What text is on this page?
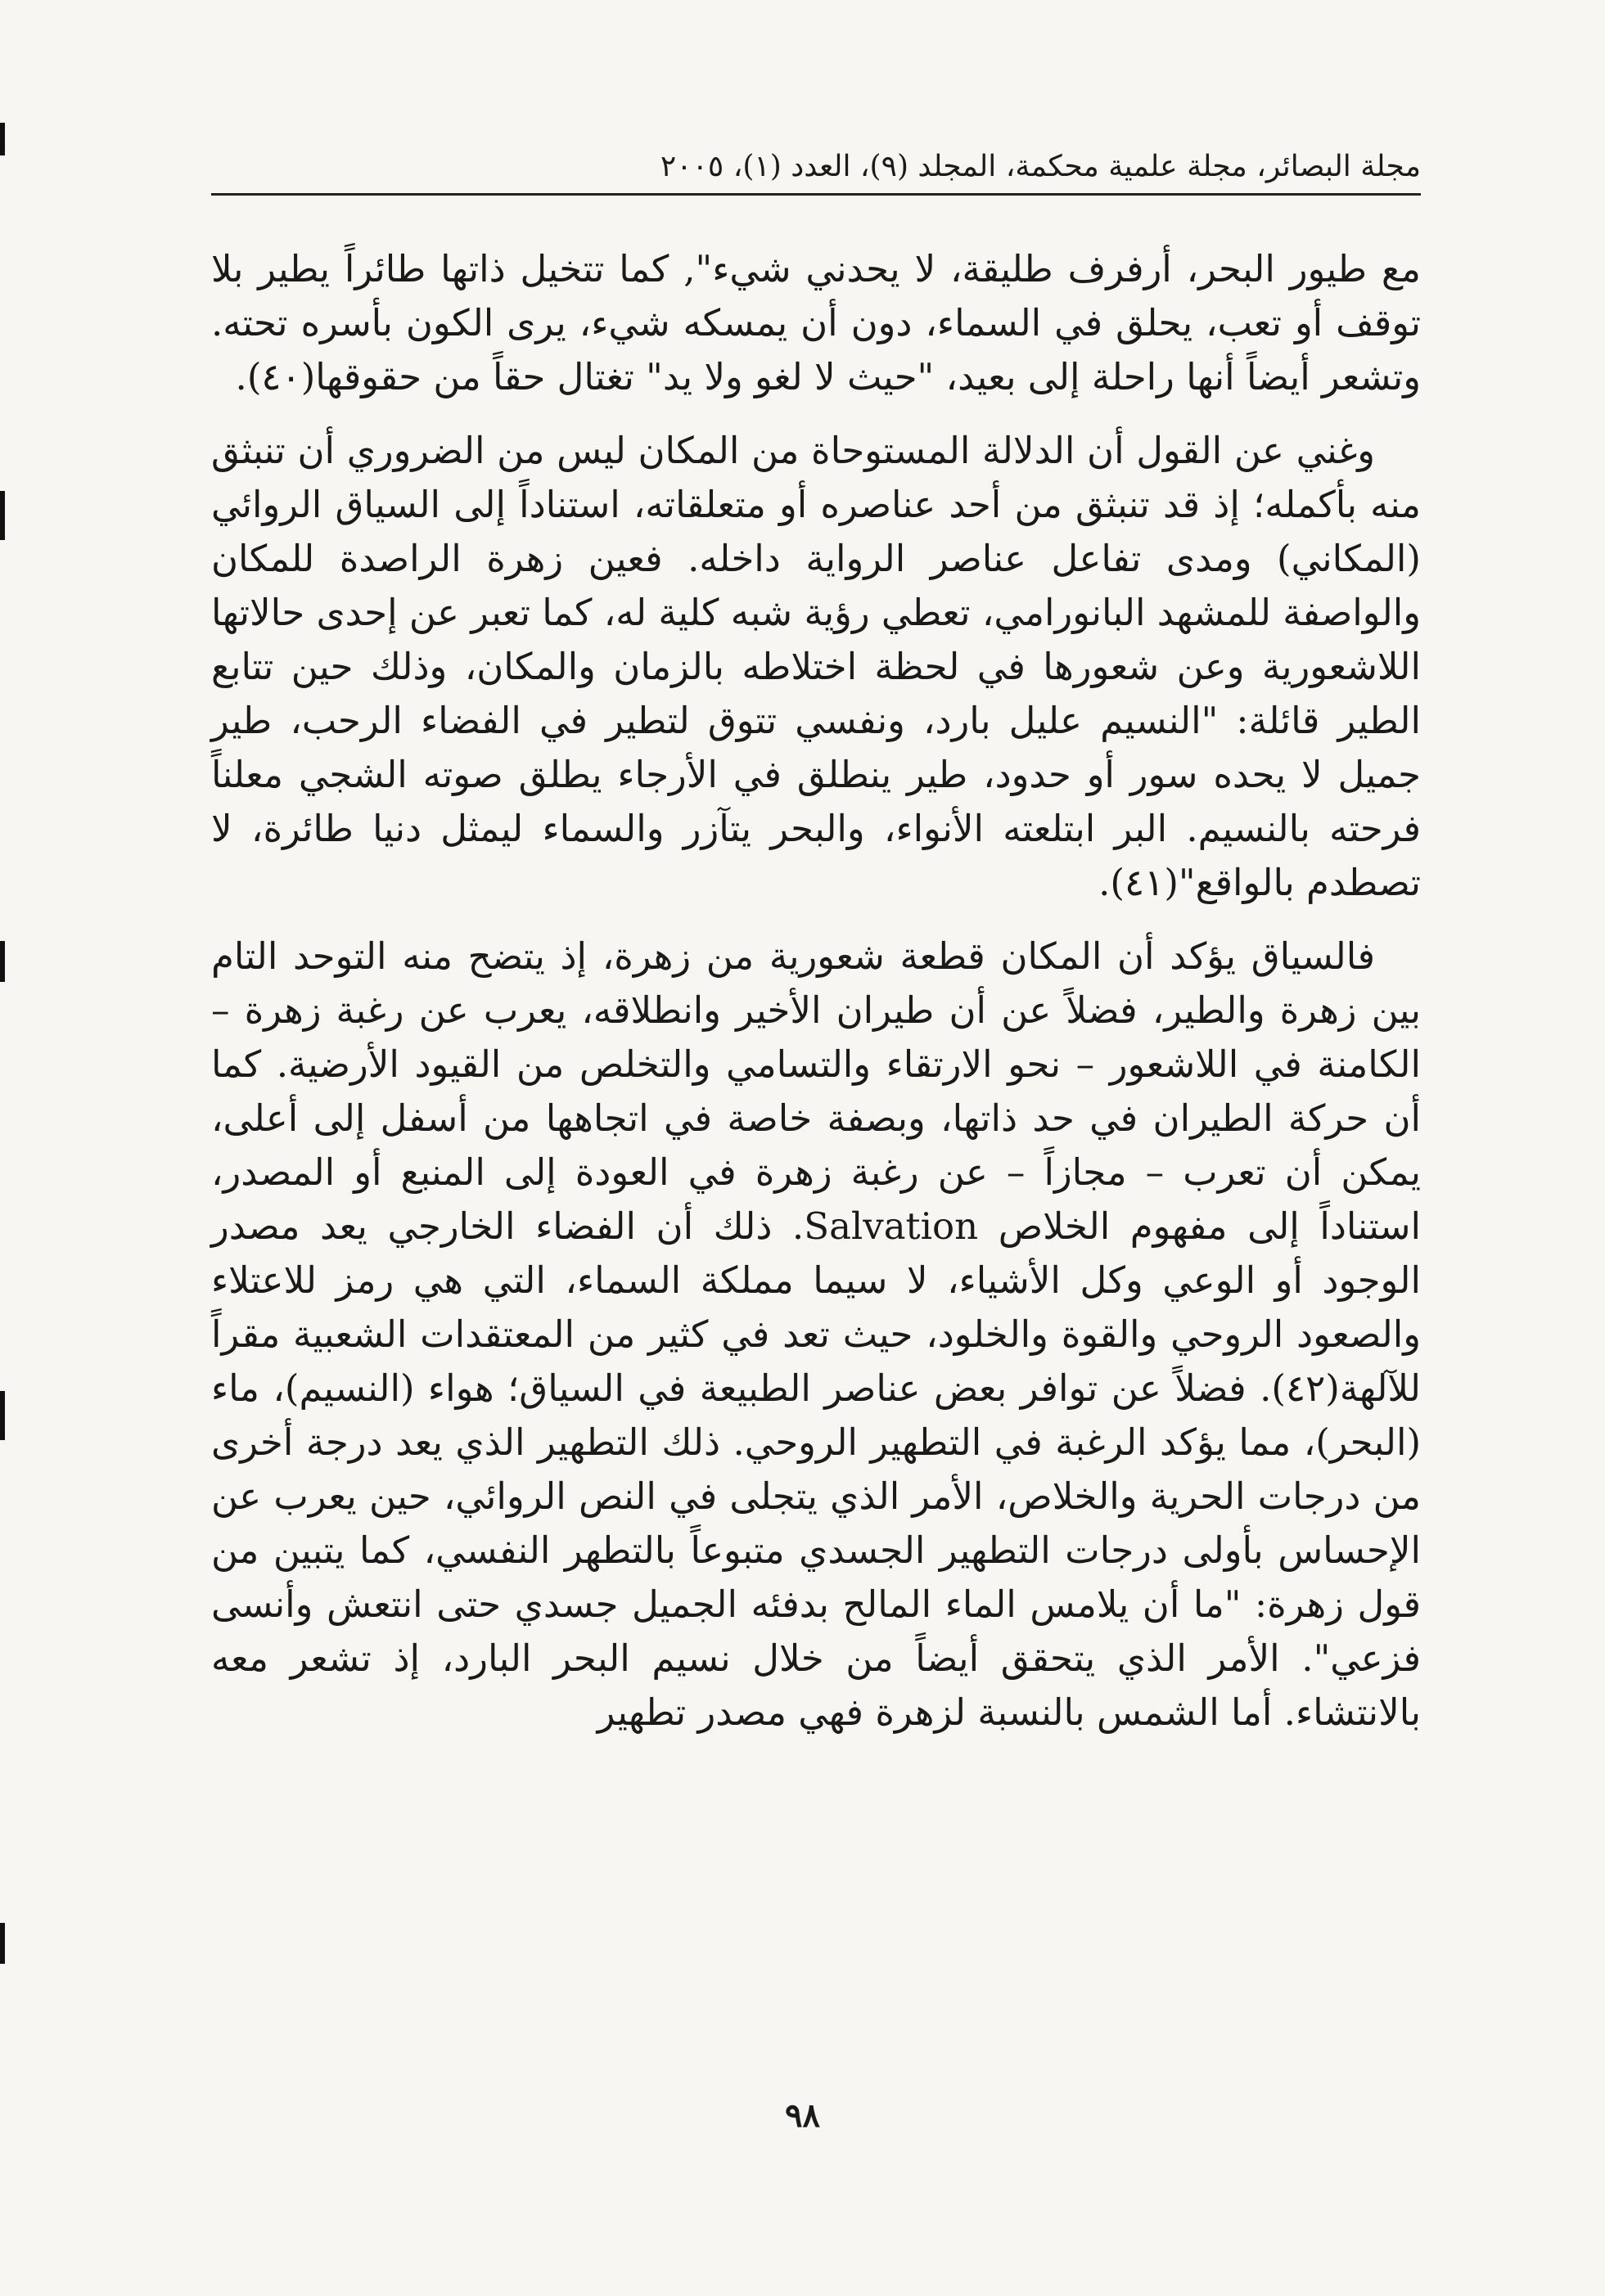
مجلة البصائر، مجلة علمية محكمة، المجلد (٩)، العدد (١)، ٢٠٠٥

مع طيور البحر، أرفرف طليقة، لا يحدني شيء", كما تتخيل ذاتها طائراً يطير بلا توقف أو تعب، يحلق في السماء، دون أن يمسكه شيء، يرى الكون بأسره تحته. وتشعر أيضاً أنها راحلة إلى بعيد، "حيث لا لغو ولا يد" تغتال حقاً من حقوقها(٤٠).

وغني عن القول أن الدلالة المستوحاة من المكان ليس من الضروري أن تنبثق منه بأكمله؛ إذ قد تنبثق من أحد عناصره أو متعلقاته، استناداً إلى السياق الروائي (المكاني) ومدى تفاعل عناصر الرواية داخله. فعين زهرة الراصدة للمكان والواصفة للمشهد البانورامي، تعطي رؤية شبه كلية له، كما تعبر عن إحدى حالاتها اللاشعورية وعن شعورها في لحظة اختلاطه بالزمان والمكان، وذلك حين تتابع الطير قائلة: "النسيم عليل بارد، ونفسي تتوق لتطير في الفضاء الرحب، طير جميل لا يحده سور أو حدود، طير ينطلق في الأرجاء يطلق صوته الشجي معلناً فرحته بالنسيم. البر ابتلعته الأنواء، والبحر يتآزر والسماء ليمثل دنيا طائرة، لا تصطدم بالواقع"(٤١).

فالسياق يؤكد أن المكان قطعة شعورية من زهرة، إذ يتضح منه التوحد التام بين زهرة والطير، فضلاً عن أن طيران الأخير وانطلاقه، يعرب عن رغبة زهرة – الكامنة في اللاشعور – نحو الارتقاء والتسامي والتخلص من القيود الأرضية. كما أن حركة الطيران في حد ذاتها، وبصفة خاصة في اتجاهها من أسفل إلى أعلى، يمكن أن تعرب – مجازاً – عن رغبة زهرة في العودة إلى المنبع أو المصدر، استناداً إلى مفهوم الخلاص Salvation. ذلك أن الفضاء الخارجي يعد مصدر الوجود أو الوعي وكل الأشياء، لا سيما مملكة السماء، التي هي رمز للاعتلاء والصعود الروحي والقوة والخلود، حيث تعد في كثير من المعتقدات الشعبية مقراً للآلهة(٤٢). فضلاً عن توافر بعض عناصر الطبيعة في السياق؛ هواء (النسيم)، ماء (البحر)، مما يؤكد الرغبة في التطهير الروحي. ذلك التطهير الذي يعد درجة أخرى من درجات الحرية والخلاص، الأمر الذي يتجلى في النص الروائي، حين يعرب عن الإحساس بأولى درجات التطهير الجسدي متبوعاً بالتطهر النفسي، كما يتبين من قول زهرة: "ما أن يلامس الماء المالح بدفئه الجميل جسدي حتى انتعش وأنسى فزعي". الأمر الذي يتحقق أيضاً من خلال نسيم البحر البارد، إذ تشعر معه بالانتشاء. أما الشمس بالنسبة لزهرة فهي مصدر تطهير

٩٨
